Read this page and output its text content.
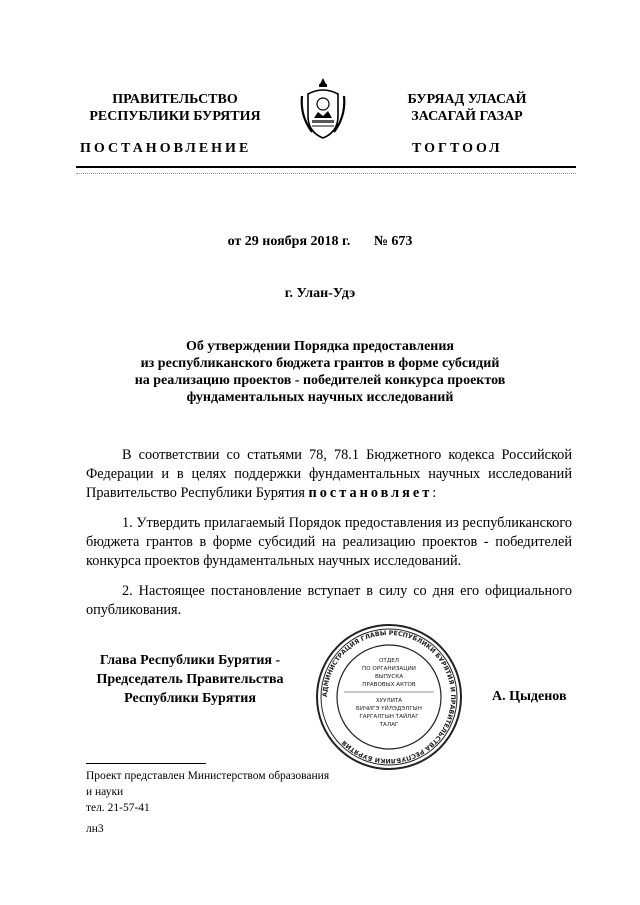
ПРАВИТЕЛЬСТВО
РЕСПУБЛИКИ БУРЯТИЯ
БУРЯАД УЛАСАЙ
ЗАСАГАЙ ГАЗАР
ПОСТАНОВЛЕНИЕ	ТОГТООЛ
от 29 ноября 2018 г. № 673
г. Улан-Удэ
Об утверждении Порядка предоставления
из республиканского бюджета грантов в форме субсидий
на реализацию проектов - победителей конкурса проектов
фундаментальных научных исследований
В соответствии со статьями 78, 78.1 Бюджетного кодекса Российской Федерации и в целях поддержки фундаментальных научных исследований Правительство Республики Бурятия постановляет:
1. Утвердить прилагаемый Порядок предоставления из республиканского бюджета грантов в форме субсидий на реализацию проектов - победителей конкурса проектов фундаментальных научных исследований.
2. Настоящее постановление вступает в силу со дня его официального опубликования.
Глава Республики Бурятия -
Председатель Правительства
Республики Бурятия	АДМИНИСТРАЦИЯ ГЛАВЫ РЕСПУБЛИКИ БУРЯТИЯ И ПРАВИТЕЛЬСТВА РЕСПУБЛИКИ БУРЯТИЯ
ОТДЕЛ
ПО ОРГАНИЗАЦИИ
ВЫПУСКА
ПРАВОВЫХ АКТОВ
ХУУЛИТА
БИЧИГЭ ҮЙЛЭДЭЛГЫН
ГАРГАЛГЫН ТАЙЛАГ
ТАЛАГ
А. Цыденов
Проект представлен Министерством образования
и науки
тел. 21-57-41
лн3
